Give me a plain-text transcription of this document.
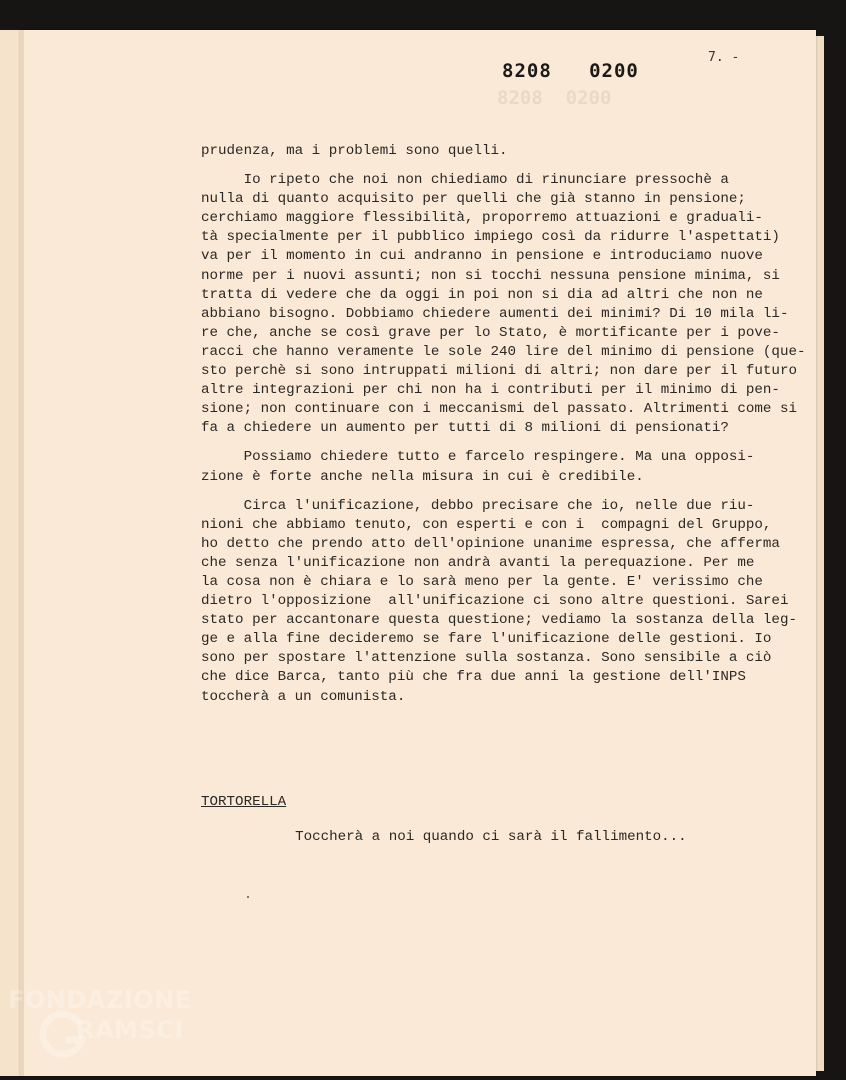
8208  0200
8208 0200
7. -

prudenza, ma i problemi sono quelli.

Io ripeto che noi non chiediamo di rinunciare pressochè a
nulla di quanto acquisito per quelli che già stanno in pensione;
cerchiamo maggiore flessibilità, proporremo attuazioni e graduali-
tà specialmente per il pubblico impiego così da ridurre l'aspettati)
va per il momento in cui andranno in pensione e introduciamo nuove
norme per i nuovi assunti; non si tocchi nessuna pensione minima, si
tratta di vedere che da oggi in poi non si dia ad altri che non ne
abbiano bisogno. Dobbiamo chiedere aumenti dei minimi? Di 10 mila li-
re che, anche se così grave per lo Stato, è mortificante per i pove-
racci che hanno veramente le sole 240 lire del minimo di pensione (que-
sto perchè si sono intruppati milioni di altri; non dare per il futuro
altre integrazioni per chi non ha i contributi per il minimo di pen-
sione; non continuare con i meccanismi del passato. Altrimenti come si
fa a chiedere un aumento per tutti di 8 milioni di pensionati?

Possiamo chiedere tutto e farcelo respingere. Ma una opposi-
zione è forte anche nella misura in cui è credibile.

Circa l'unificazione, debbo precisare che io, nelle due riu-
nioni che abbiamo tenuto, con esperti e con i  compagni del Gruppo,
ho detto che prendo atto dell'opinione unanime espressa, che afferma
che senza l'unificazione non andrà avanti la perequazione. Per me
la cosa non è chiara e lo sarà meno per la gente. E' verissimo che
dietro l'opposizione  all'unificazione ci sono altre questioni. Sarei
stato per accantonare questa questione; vediamo la sostanza della leg-
ge e alla fine decideremo se fare l'unificazione delle gestioni. Io
sono per spostare l'attenzione sulla sostanza. Sono sensibile a ciò
che dice Barca, tanto più che fra due anni la gestione dell'INPS
toccherà a un comunista.

TORTORELLA
Toccherà a noi quando ci sarà il fallimento...
FONDAZIONE
RAMSCI
